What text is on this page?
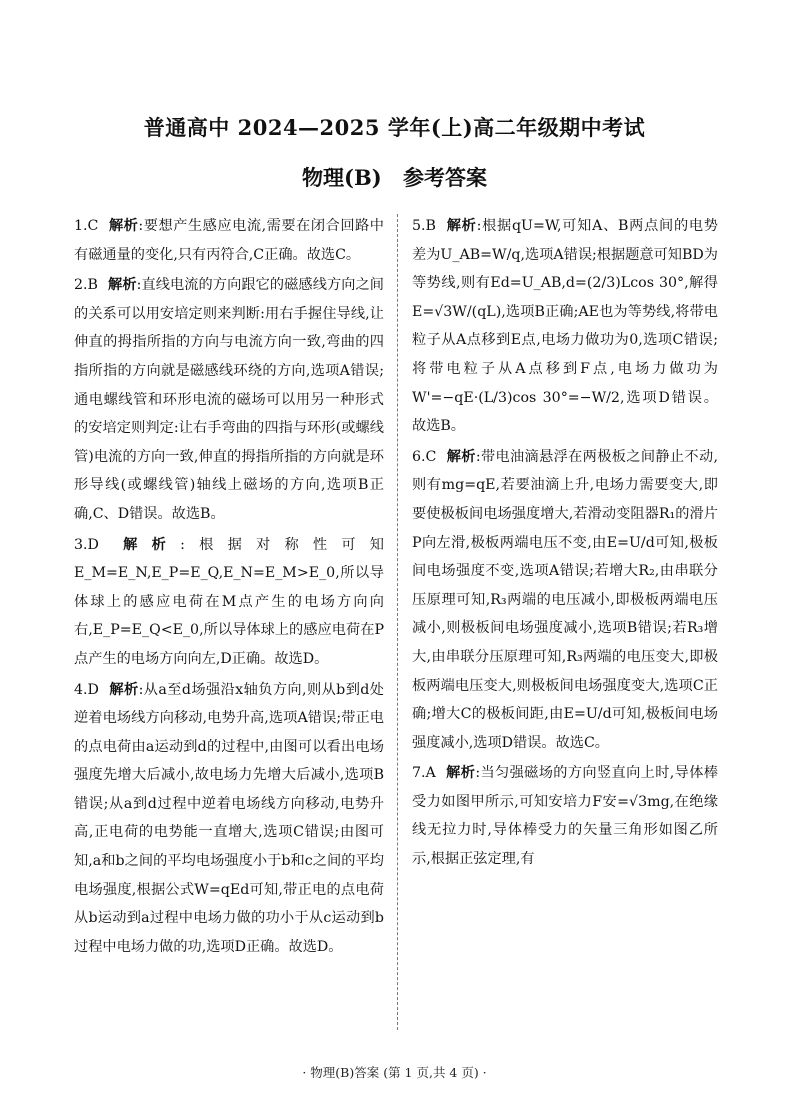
普通高中 2024—2025 学年(上)高二年级期中考试
物理(B) 参考答案

1.C 解析:要想产生感应电流,需要在闭合回路中有磁通量的变化,只有丙符合,C正确。故选C。

2.B 解析:直线电流的方向跟它的磁感线方向之间的关系可以用安培定则来判断:用右手握住导线,让伸直的拇指所指的方向与电流方向一致,弯曲的四指所指的方向就是磁感线环绕的方向,选项A错误;通电螺线管和环形电流的磁场可以用另一种形式的安培定则判定:让右手弯曲的四指与环形(或螺线管)电流的方向一致,伸直的拇指所指的方向就是环形导线(或螺线管)轴线上磁场的方向,选项B正确,C、D错误。故选B。

3.D 解析:根据对称性可知E_M=E_N,E_P=E_Q,E_N=E_M>E_0,所以导体球上的感应电荷在M点产生的电场方向向右,E_P=E_Q<E_0,所以导体球上的感应电荷在P点产生的电场方向向左,D正确。故选D。

4.D 解析:从a至d场强沿x轴负方向,则从b到d处逆着电场线方向移动,电势升高,选项A错误;带正电的点电荷由a运动到d的过程中,由图可以看出电场强度先增大后减小,故电场力先增大后减小,选项B错误;从a到d过程中逆着电场线方向移动,电势升高,正电荷的电势能一直增大,选项C错误;由图可知,a和b之间的平均电场强度小于b和c之间的平均电场强度,根据公式W=qEd可知,带正电的点电荷从b运动到a过程中电场力做的功小于从c运动到b过程中电场力做的功,选项D正确。故选D。

5.B 解析:根据qU=W,可知A、B两点间的电势差为U_AB=W/q,选项A错误;根据题意可知BD为等势线,则有Ed=U_AB,d=(2/3)Lcos 30°,解得E=√3W/(qL),选项B正确;AE也为等势线,将带电粒子从A点移到E点,电场力做功为0,选项C错误;将带电粒子从A点移到F点,电场力做功为W'=−qE·(L/3)cos 30°=−W/2,选项D错误。故选B。

6.C 解析:带电油滴悬浮在两极板之间静止不动,则有mg=qE,若要油滴上升,电场力需要变大,即要使极板间电场强度增大,若滑动变阻器R₁的滑片P向左滑,极板两端电压不变,由E=U/d可知,极板间电场强度不变,选项A错误;若增大R₂,由串联分压原理可知,R₃两端的电压减小,即极板两端电压减小,则极板间电场强度减小,选项B错误;若R₃增大,由串联分压原理可知,R₃两端的电压变大,即极板两端电压变大,则极板间电场强度变大,选项C正确;增大C的极板间距,由E=U/d可知,极板间电场强度减小,选项D错误。故选C。

7.A 解析:当匀强磁场的方向竖直向上时,导体棒受力如图甲所示,可知安培力F安=√3mg,在绝缘线无拉力时,导体棒受力的矢量三角形如图乙所示,根据正弦定理,有

· 物理(B)答案 (第 1 页,共 4 页) ·
